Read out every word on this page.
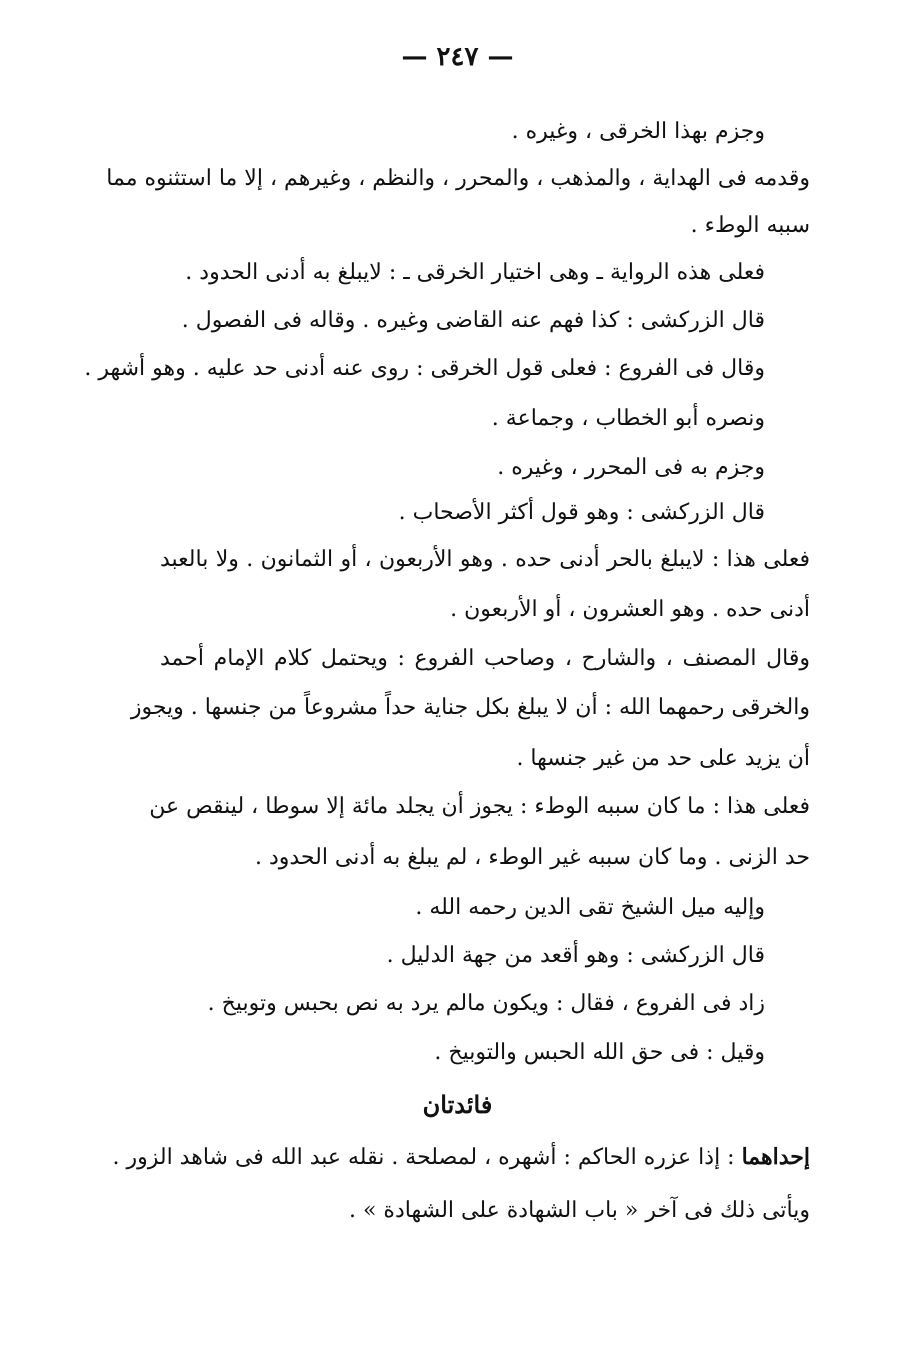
— ٢٤٧ —
وجزم بهذا الخرقى ، وغيره .
وقدمه فى الهداية ، والمذهب ، والمحرر ، والنظم ، وغيرهم ، إلا ما استثنوه مما
سببه الوطء .
فعلى هذه الرواية ـ وهى اختيار الخرقى ـ : لايبلغ به أدنى الحدود .
قال الزركشى : كذا فهم عنه القاضى وغيره . وقاله فى الفصول .
وقال فى الفروع : فعلى قول الخرقى : روى عنه أدنى حد عليه . وهو أشهر .
ونصره أبو الخطاب ، وجماعة .
وجزم به فى المحرر ، وغيره .
قال الزركشى : وهو قول أكثر الأصحاب .
فعلى هذا : لايبلغ بالحر أدنى حده . وهو الأربعون ، أو الثمانون . ولا بالعبد
أدنى حده . وهو العشرون ، أو الأربعون .
وقال المصنف ، والشارح ، وصاحب الفروع : ويحتمل كلام الإمام أحمد
والخرقى رحمهما الله : أن لا يبلغ بكل جناية حداً مشروعاً من جنسها . ويجوز
أن يزيد على حد من غير جنسها .
فعلى هذا : ما كان سببه الوطء : يجوز أن يجلد مائة إلا سوطا ، لينقص عن
حد الزنى . وما كان سببه غير الوطء ، لم يبلغ به أدنى الحدود .
وإليه ميل الشيخ تقى الدين رحمه الله .
قال الزركشى : وهو أقعد من جهة الدليل .
زاد فى الفروع ، فقال : ويكون مالم يرد به نص بحبس وتوبيخ .
وقيل : فى حق الله الحبس والتوبيخ .
فائدتان
إحداهما : إذا عزره الحاكم : أشهره ، لمصلحة . نقله عبد الله فى شاهد الزور .
ويأتى ذلك فى آخر « باب الشهادة على الشهادة » .
